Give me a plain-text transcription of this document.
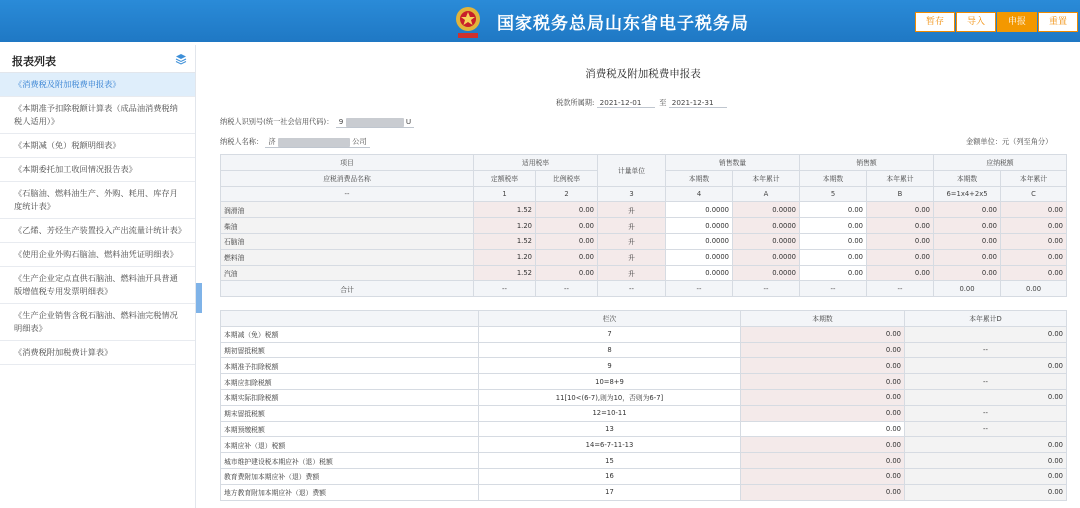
国家税务总局山东省电子税务局	暂存	导入	申报	重置
报表列表
《消费税及附加税费申报表》
《本期准予扣除税额计算表（成品油消费税纳税人适用）》
《本期减（免）税额明细表》
《本期委托加工收回情况报告表》
《石脑油、燃料油生产、外购、耗用、库存月度统计表》
《乙烯、芳烃生产装置投入产出流量计统计表》
《使用企业外购石脑油、燃料油凭证明细表》
《生产企业定点直供石脑油、燃料油开具普通版增值税专用发票明细表》
《生产企业销售含税石脑油、燃料油完税情况明细表》
《消费税附加税费计算表》
消费税及附加税费申报表
税款所属期: 2021-12-01 至 2021-12-31
纳税人识别号(统一社会信用代码)： 9	U
纳税人名称： 济	公司	金额单位：元（列至角分）
项目	适用税率		计量单位	销售数量		销售额		应纳税额	
应税消费品名称	定额税率	比例税率		本期数	本年累计	本期数	本年累计	本期数	本年累计
--	1	2	3	4	A	5	B	6=1x4+2x5	C
润滑油	1.52	0.00	升	0.0000	0.0000	0.00	0.00	0.00	0.00
柴油	1.20	0.00	升	0.0000	0.0000	0.00	0.00	0.00	0.00
石脑油	1.52	0.00	升	0.0000	0.0000	0.00	0.00	0.00	0.00
燃料油	1.20	0.00	升	0.0000	0.0000	0.00	0.00	0.00	0.00
汽油	1.52	0.00	升	0.0000	0.0000	0.00	0.00	0.00	0.00
合计	--	--	--	--	--	--	--	0.00	0.00
	栏次	本期数	本年累计D
本期减（免）税额	7	0.00	0.00
期初留抵税额	8	0.00	--
本期准予扣除税额	9	0.00	0.00
本期应扣除税额	10=8+9	0.00	--
本期实际扣除税额	11[10<(6-7),则为10，否则为6-7]	0.00	0.00
期末留抵税额	12=10-11	0.00	--
本期预缴税额	13	0.00	--
本期应补（退）税额	14=6-7-11-13	0.00	0.00
城市维护建设税本期应补（退）税额	15	0.00	0.00
教育费附加本期应补（退）费额	16	0.00	0.00
地方教育附加本期应补（退）费额	17	0.00	0.00
